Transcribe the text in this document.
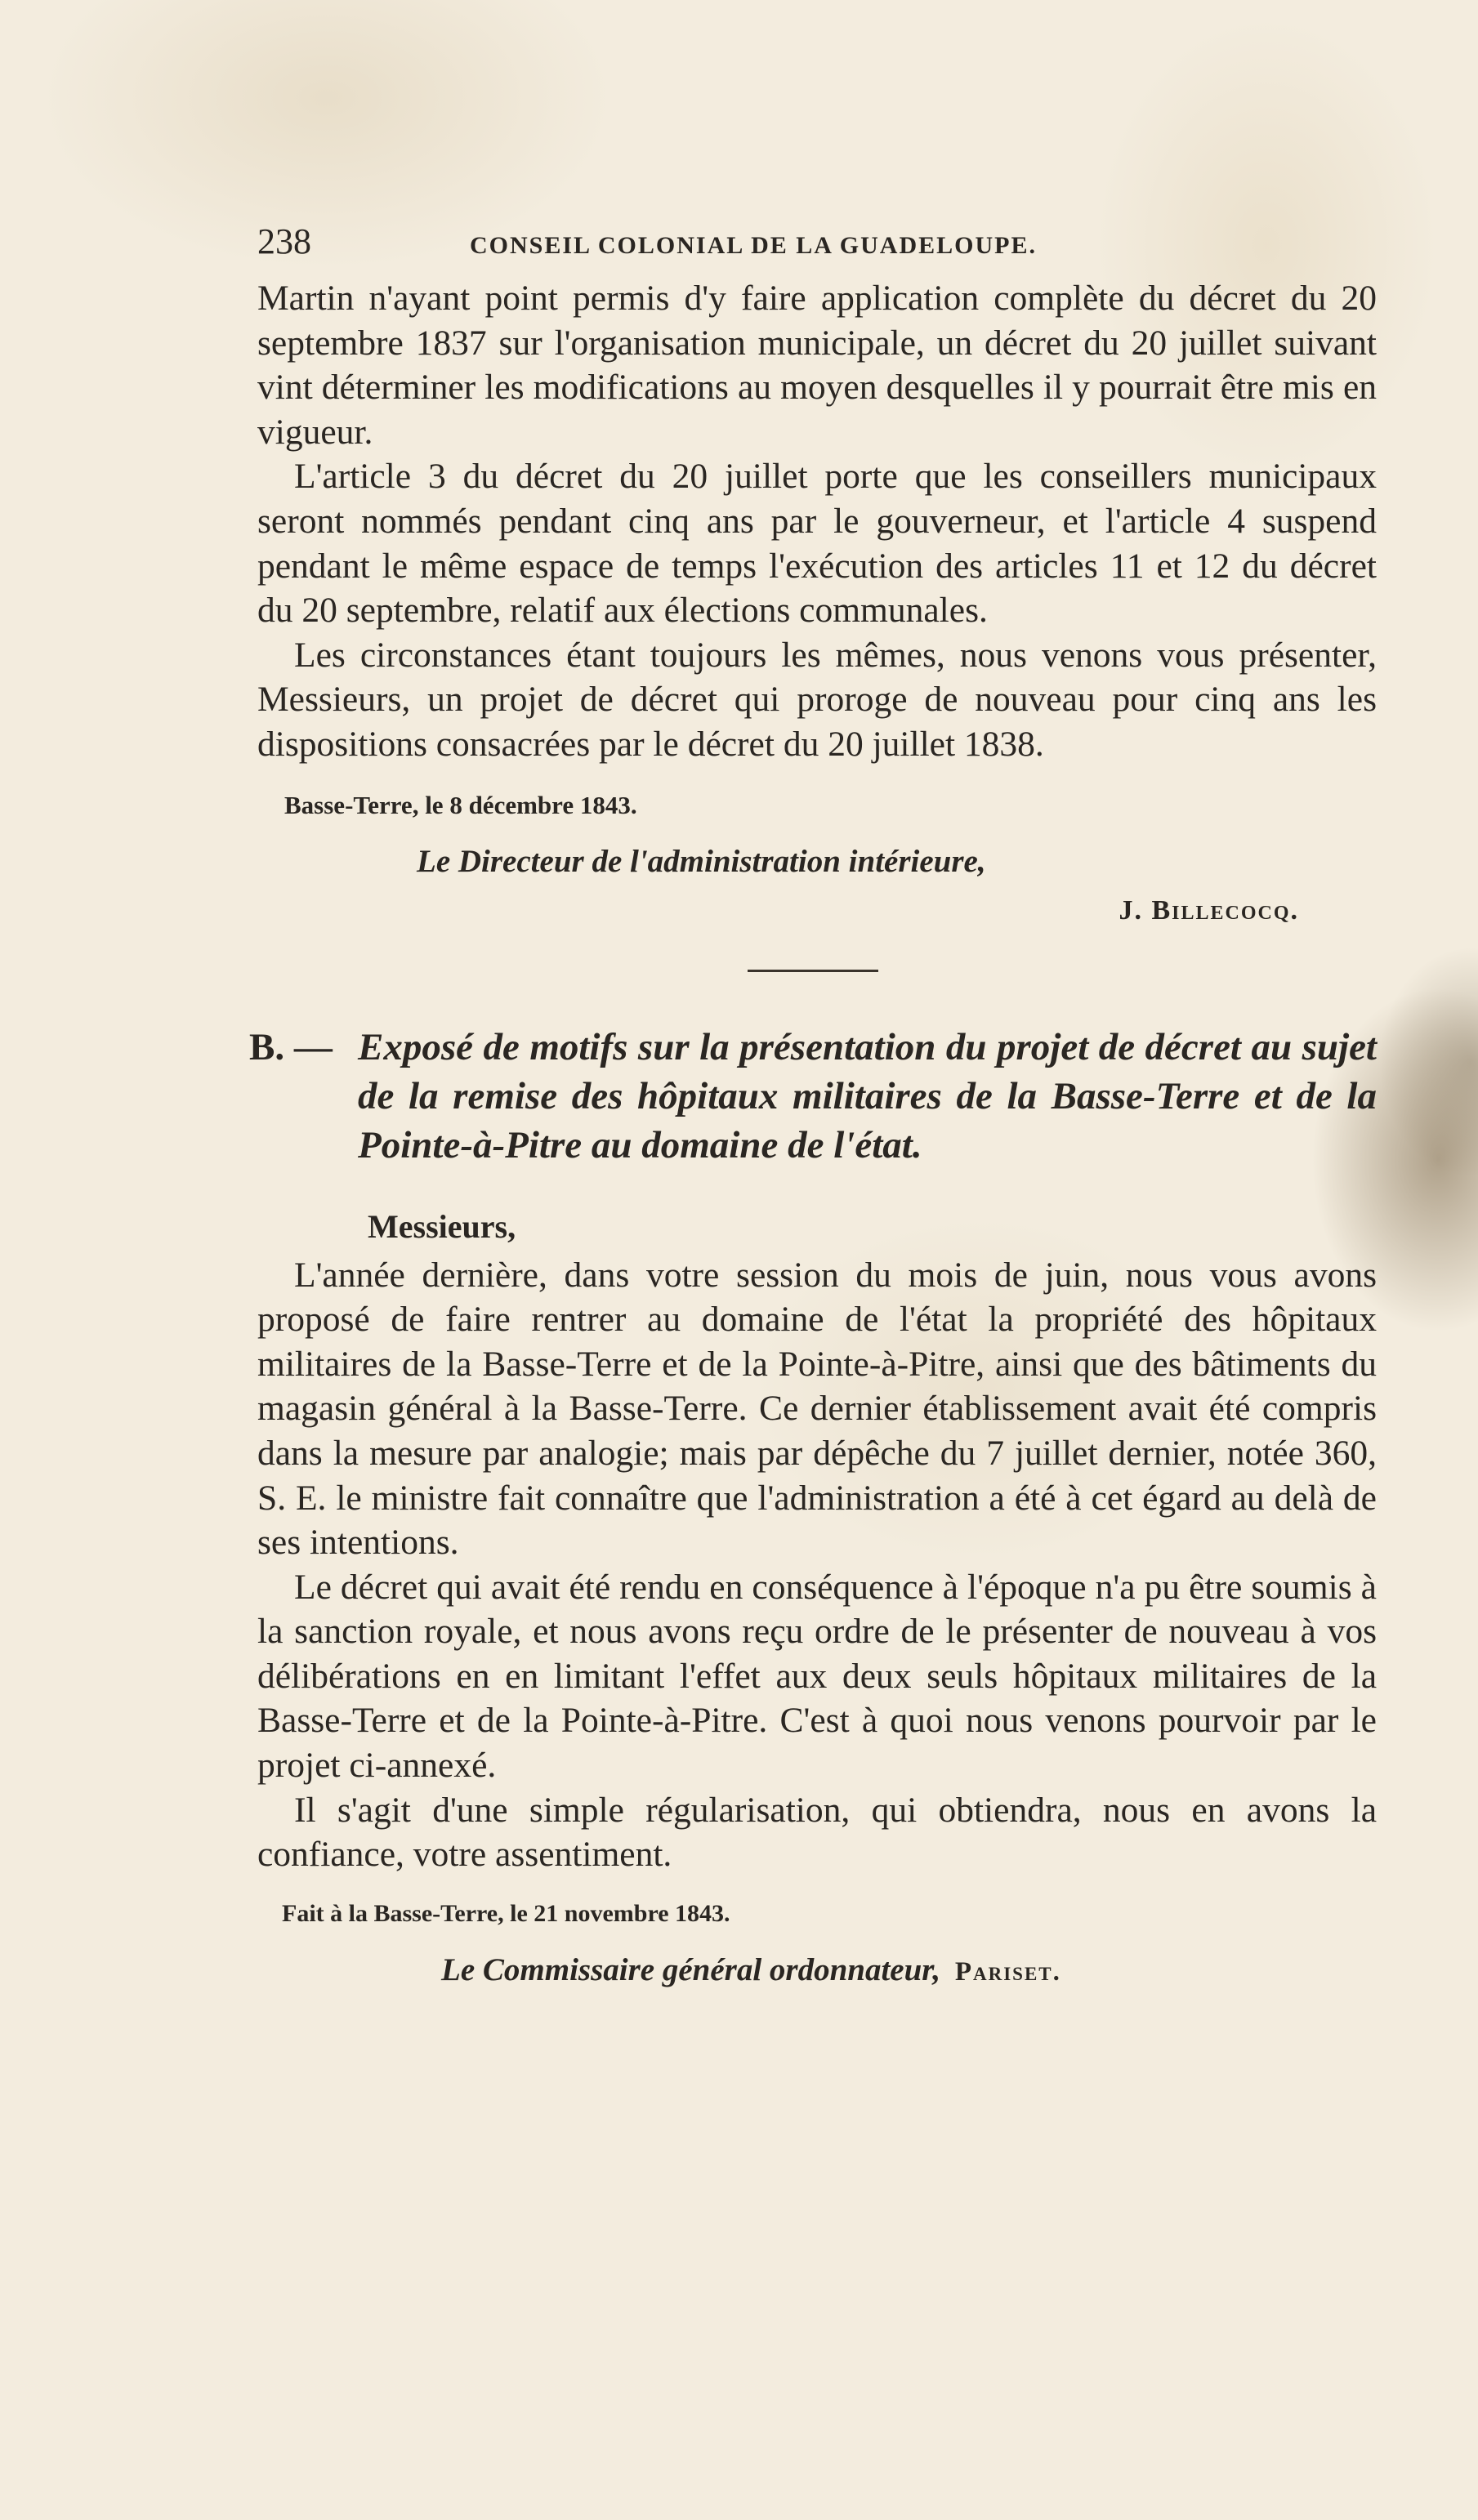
238	CONSEIL COLONIAL DE LA GUADELOUPE.

Martin n'ayant point permis d'y faire application complète du décret du 20 septembre 1837 sur l'organisation municipale, un décret du 20 juillet suivant vint déterminer les modifications au moyen desquelles il y pourrait être mis en vigueur.

L'article 3 du décret du 20 juillet porte que les conseillers municipaux seront nommés pendant cinq ans par le gouverneur, et l'article 4 suspend pendant le même espace de temps l'exécution des articles 11 et 12 du décret du 20 septembre, relatif aux élections communales.

Les circonstances étant toujours les mêmes, nous venons vous présenter, Messieurs, un projet de décret qui proroge de nouveau pour cinq ans les dispositions consacrées par le décret du 20 juillet 1838.

Basse-Terre, le 8 décembre 1843.
Le Directeur de l'administration intérieure,
J. Billecocq.
B. — Exposé de motifs sur la présentation du projet de décret au sujet de la remise des hôpitaux militaires de la Basse-Terre et de la Pointe-à-Pitre au domaine de l'état.
Messieurs,

L'année dernière, dans votre session du mois de juin, nous vous avons proposé de faire rentrer au domaine de l'état la propriété des hôpitaux militaires de la Basse-Terre et de la Pointe-à-Pitre, ainsi que des bâtiments du magasin général à la Basse-Terre. Ce dernier établissement avait été compris dans la mesure par analogie; mais par dépêche du 7 juillet dernier, notée 360, S. E. le ministre fait connaître que l'administration a été à cet égard au delà de ses intentions.

Le décret qui avait été rendu en conséquence à l'époque n'a pu être soumis à la sanction royale, et nous avons reçu ordre de le présenter de nouveau à vos délibérations en en limitant l'effet aux deux seuls hôpitaux militaires de la Basse-Terre et de la Pointe-à-Pitre. C'est à quoi nous venons pourvoir par le projet ci-annexé.

Il s'agit d'une simple régularisation, qui obtiendra, nous en avons la confiance, votre assentiment.

Fait à la Basse-Terre, le 21 novembre 1843.
Le Commissaire général ordonnateur, Pariset.
